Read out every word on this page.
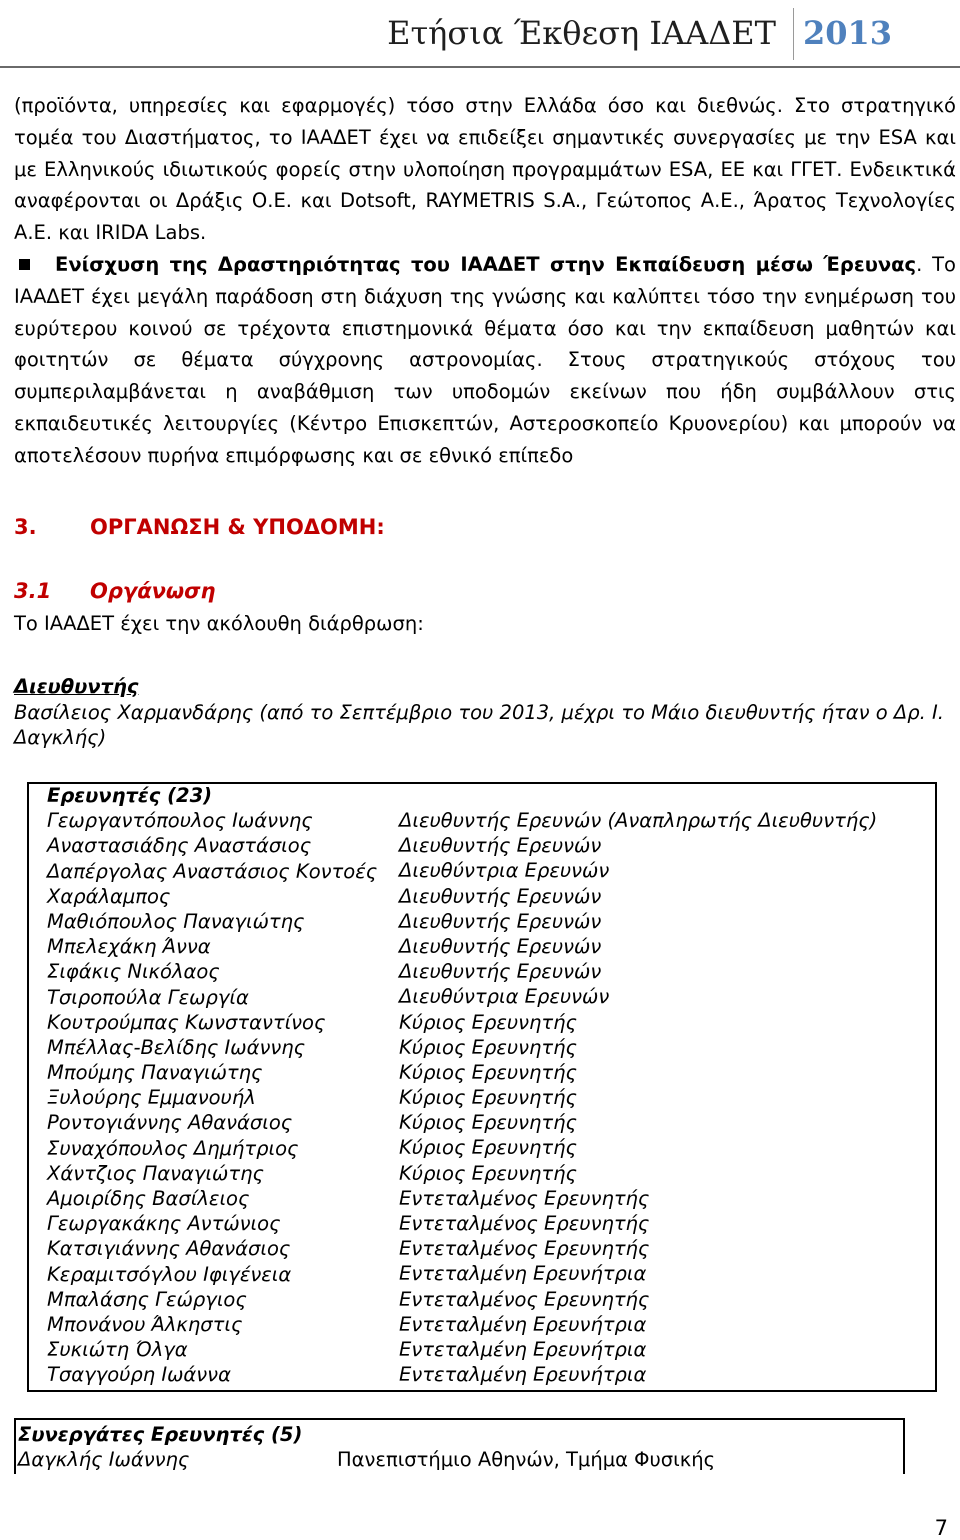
Ετήσια Έκθεση ΙΑΑΔΕΤ 2013

(προϊόντα, υπηρεσίες και εφαρμογές) τόσο στην Ελλάδα όσο και διεθνώς. Στο στρατηγικό τομέα του Διαστήματος, το ΙΑΑΔΕΤ έχει να επιδείξει σημαντικές συνεργασίες με την ESA και με Ελληνικούς ιδιωτικούς φορείς στην υλοποίηση προγραμμάτων ESA, ΕΕ και ΓΓΕΤ. Ενδεικτικά αναφέρονται οι Δράξις Ο.Ε. και Dotsoft, RAYMETRIS S.A., Γεώτοπος Α.Ε., Άρατος Τεχνολογίες Α.Ε. και IRIDA Labs.

Ενίσχυση της Δραστηριότητας του ΙΑΑΔΕΤ στην Εκπαίδευση μέσω Έρευνας. Το ΙΑΑΔΕΤ έχει μεγάλη παράδοση στη διάχυση της γνώσης και καλύπτει τόσο την ενημέρωση του ευρύτερου κοινού σε τρέχοντα επιστημονικά θέματα όσο και την εκπαίδευση μαθητών και φοιτητών σε θέματα σύγχρονης αστρονομίας. Στους στρατηγικούς στόχους του συμπεριλαμβάνεται η αναβάθμιση των υποδομών εκείνων που ήδη συμβάλλουν στις εκπαιδευτικές λειτουργίες (Κέντρο Επισκεπτών, Αστεροσκοπείο Κρυονερίου) και μπορούν να αποτελέσουν πυρήνα επιμόρφωσης και σε εθνικό επίπεδο

3.	ΟΡΓΑΝΩΣΗ & ΥΠΟΔΟΜΗ:
3.1 Οργάνωση
Το ΙΑΑΔΕΤ έχει την ακόλουθη διάρθρωση:
Διευθυντής
Βασίλειος Χαρμανδάρης (από το Σεπτέμβριο του 2013, μέχρι το Μάιο διευθυντής ήταν ο Δρ. Ι.
Δαγκλής)
Ερευνητές (23)
Γεωργαντόπουλος Ιωάννης
Αναστασιάδης Αναστάσιος
Δαπέργολας Αναστάσιος Κοντοές
Χαράλαμπος
Μαθιόπουλος Παναγιώτης
Μπελεχάκη Άννα
Σιφάκις Νικόλαος
Τσιροπούλα Γεωργία
Κουτρούμπας Κωνσταντίνος
Μπέλλας-Βελίδης Ιωάννης
Μπούμης Παναγιώτης
Ξυλούρης Εμμανουήλ
Ροντογιάννης Αθανάσιος
Συναχόπουλος Δημήτριος
Χάντζιος Παναγιώτης
Αμοιρίδης Βασίλειος
Γεωργακάκης Αντώνιος
Κατσιγιάννης Αθανάσιος
Κεραμιτσόγλου Ιφιγένεια
Μπαλάσης Γεώργιος
Μπονάνου Άλκηστις
Συκιώτη Όλγα
Τσαγγούρη Ιωάννα
Διευθυντής Ερευνών (Αναπληρωτής Διευθυντής)
Διευθυντής Ερευνών
Διευθύντρια Ερευνών
Διευθυντής Ερευνών
Διευθυντής Ερευνών
Διευθυντής Ερευνών
Διευθυντής Ερευνών
Διευθύντρια Ερευνών
Κύριος Ερευνητής
Κύριος Ερευνητής
Κύριος Ερευνητής
Κύριος Ερευνητής
Κύριος Ερευνητής
Κύριος Ερευνητής
Κύριος Ερευνητής
Εντεταλμένος Ερευνητής
Εντεταλμένος Ερευνητής
Εντεταλμένος Ερευνητής
Εντεταλμένη Ερευνήτρια
Εντεταλμένος Ερευνητής
Εντεταλμένη Ερευνήτρια
Εντεταλμένη Ερευνήτρια
Εντεταλμένη Ερευνήτρια
Συνεργάτες Ερευνητές (5)
Δαγκλής Ιωάννης	Πανεπιστήμιο Αθηνών, Τμήμα Φυσικής
7
